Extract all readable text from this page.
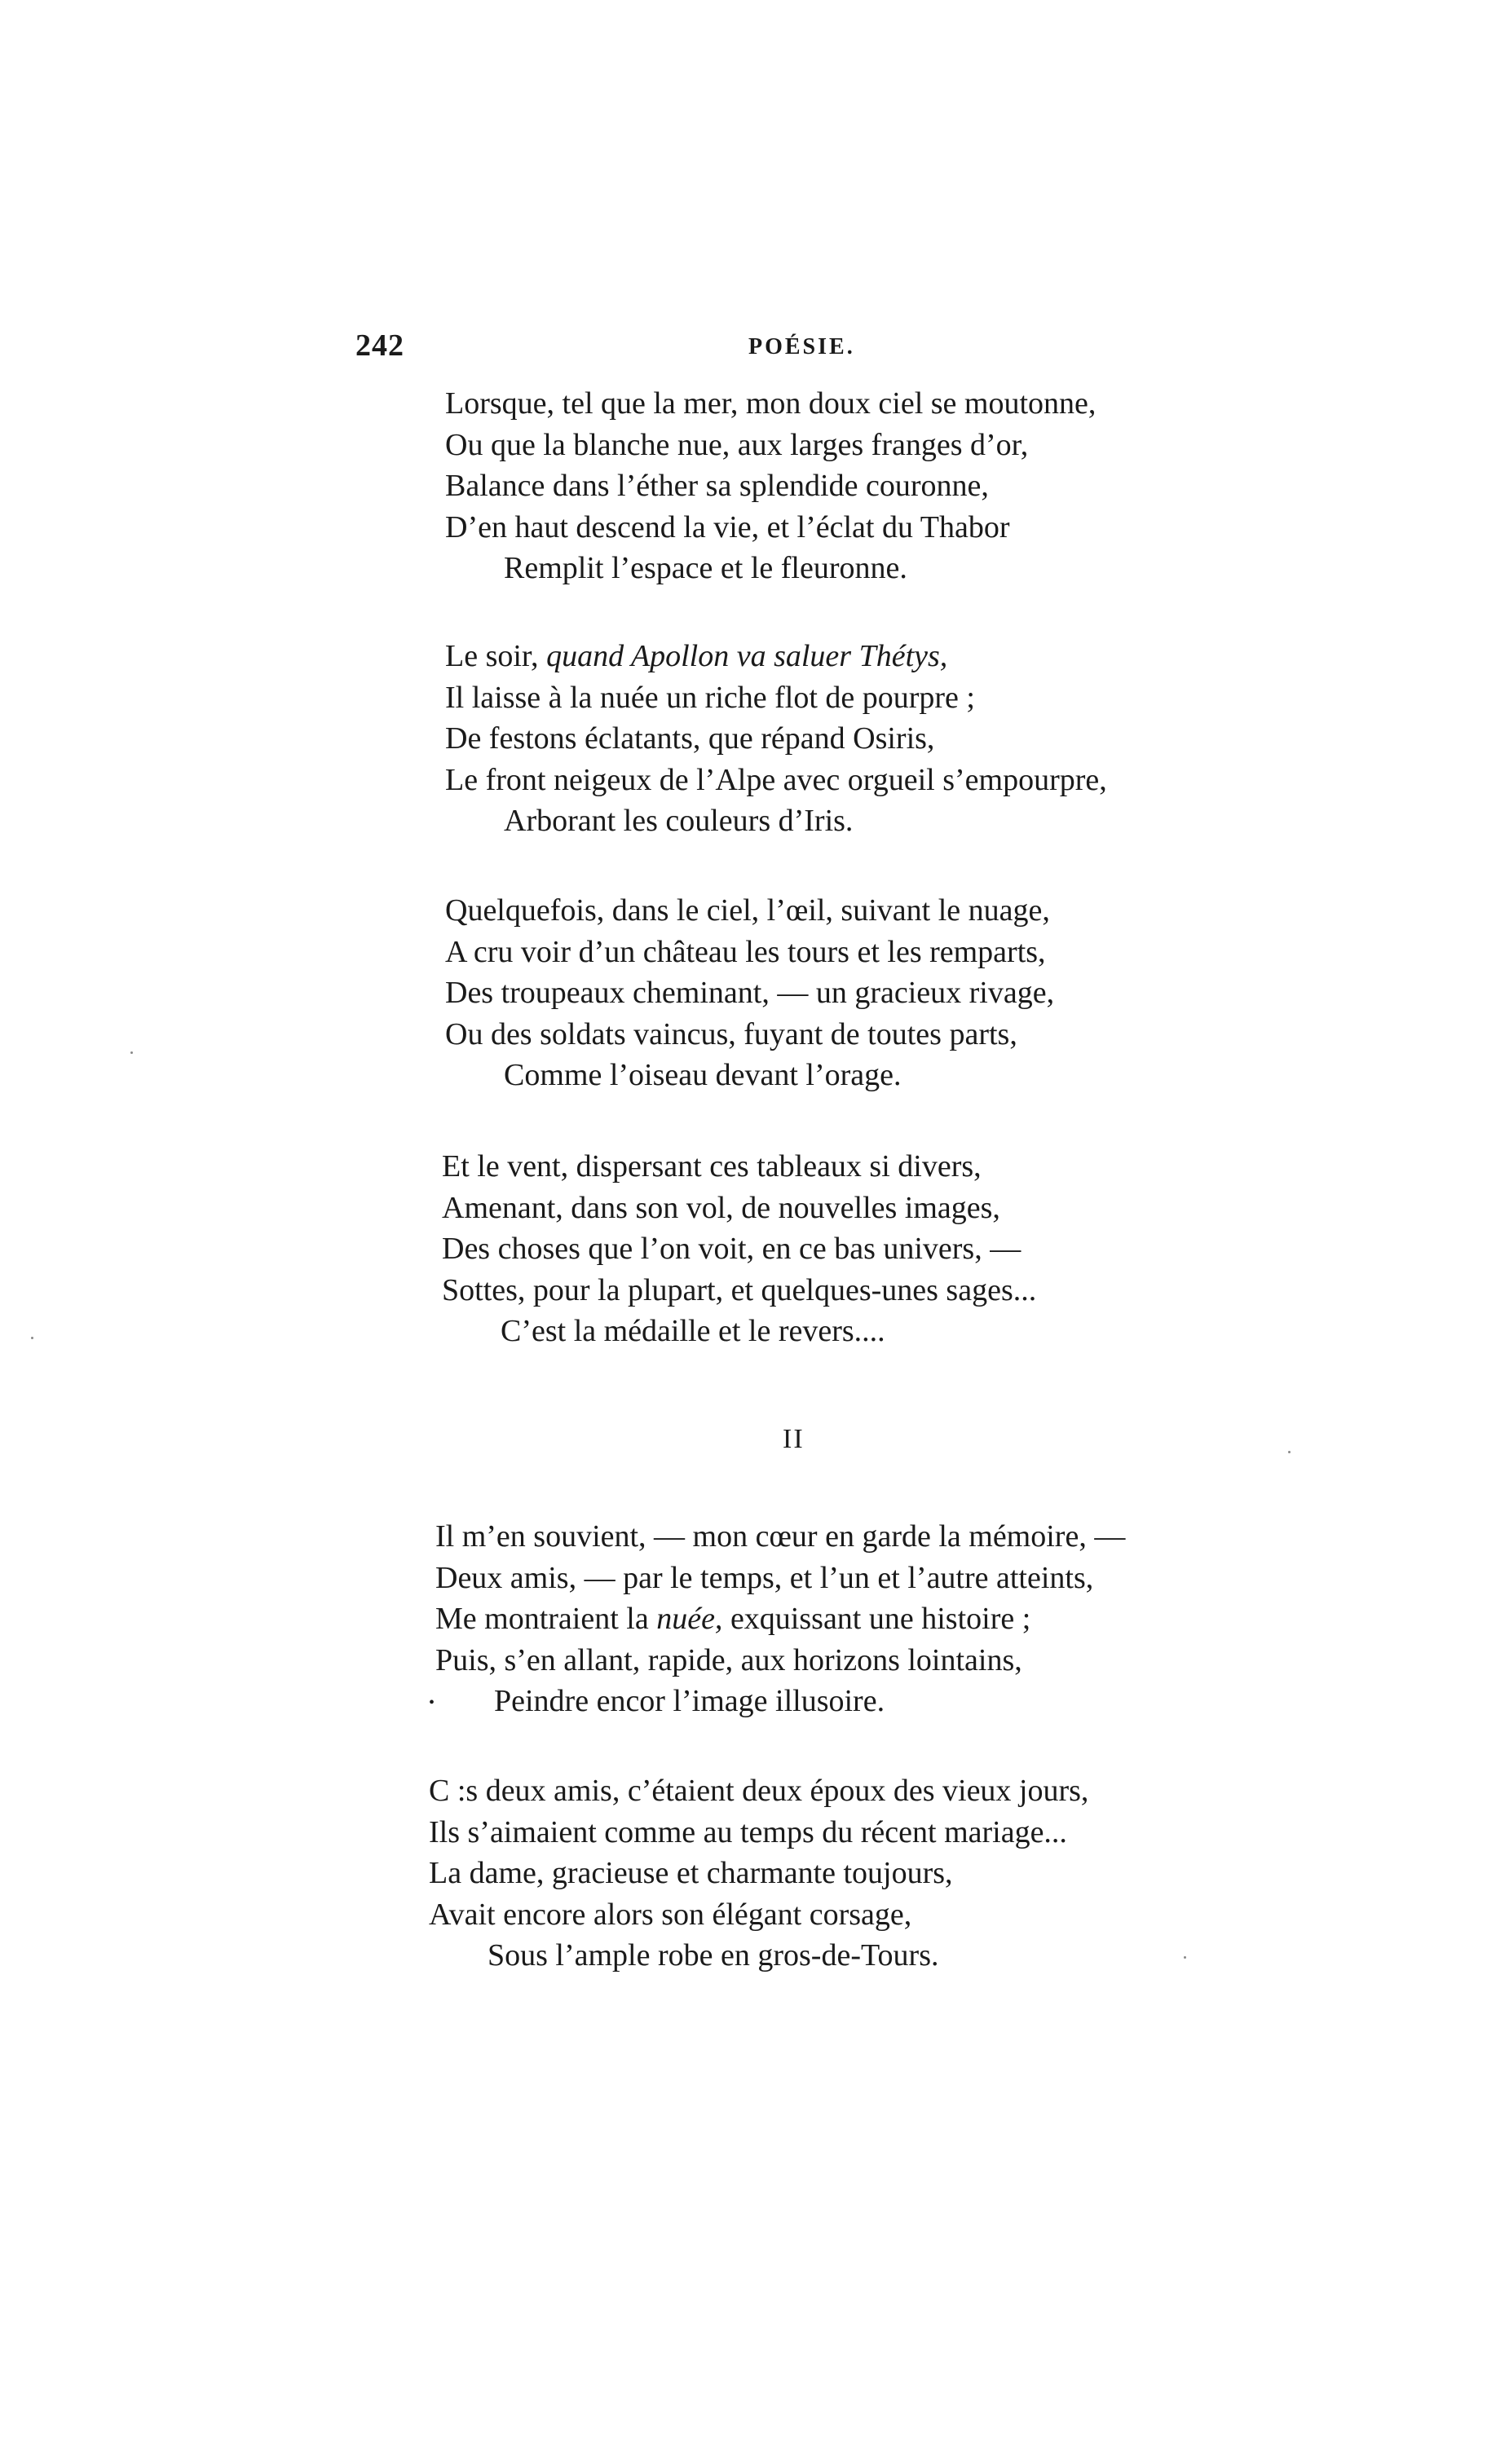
242	POÉSIE.
Lorsque, tel que la mer, mon doux ciel se moutonne,
Ou que la blanche nue, aux larges franges d’or,
Balance dans l’éther sa splendide couronne,
D’en haut descend la vie, et l’éclat du Thabor
Remplit l’espace et le fleuronne.
Le soir, quand Apollon va saluer Thétys,
Il laisse à la nuée un riche flot de pourpre ;
De festons éclatants, que répand Osiris,
Le front neigeux de l’Alpe avec orgueil s’empourpre,
Arborant les couleurs d’Iris.
Quelquefois, dans le ciel, l’œil, suivant le nuage,
A cru voir d’un château les tours et les remparts,
Des troupeaux cheminant, — un gracieux rivage,
Ou des soldats vaincus, fuyant de toutes parts,
Comme l’oiseau devant l’orage.
Et le vent, dispersant ces tableaux si divers,
Amenant, dans son vol, de nouvelles images,
Des choses que l’on voit, en ce bas univers, —
Sottes, pour la plupart, et quelques-unes sages...
C’est la médaille et le revers....
II
Il m’en souvient, — mon cœur en garde la mémoire, —
Deux amis, — par le temps, et l’un et l’autre atteints,
Me montraient la nuée, exquissant une histoire ;
Puis, s’en allant, rapide, aux horizons lointains,
Peindre encor l’image illusoire.
•
C :s deux amis, c’étaient deux époux des vieux jours,
Ils s’aimaient comme au temps du récent mariage...
La dame, gracieuse et charmante toujours,
Avait encore alors son élégant corsage,
Sous l’ample robe en gros-de-Tours.
